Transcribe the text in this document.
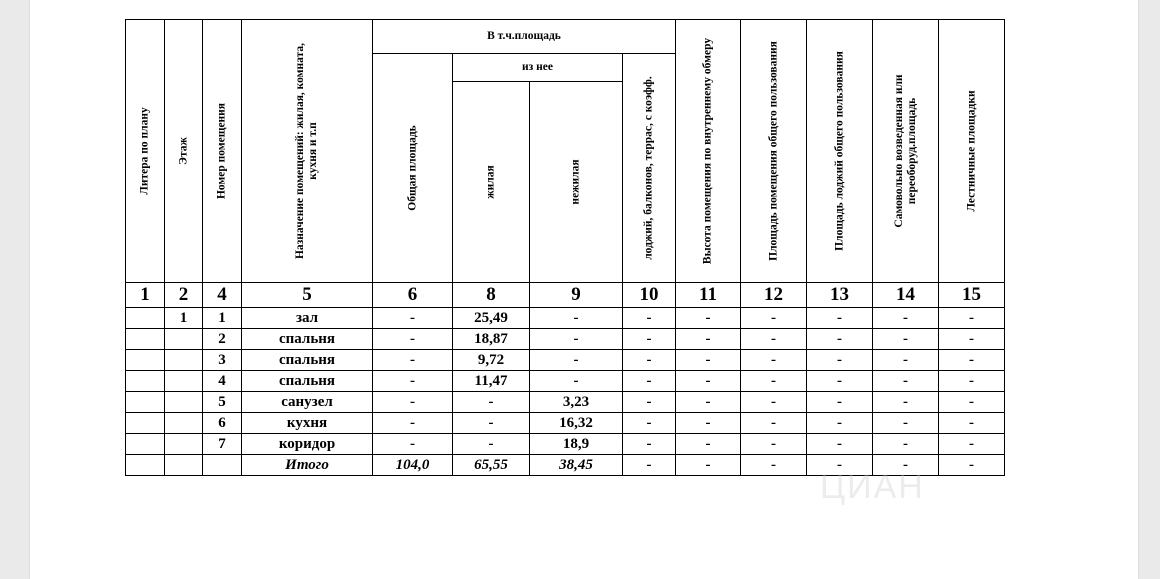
Литера по плану	Этаж	Номер помещения	Назначение помещений: жилая, комната, кухня и т.п	В т.ч.площадь				Высота помещения по внутреннему обмеру	Площадь помещения общего пользования	Площадь лоджий общего пользования	Самовольно возведенная или переоборуд.площадь	Лестничные площадки

				Общая площадь	из нее		лоджий, балконов, террас, с коэфф.					

					жилая	нежилая						

1	2	4	5	6	8	9	10	11	12	13	14	15
	1	1	зал	-	25,49	-	-	-	-	-	-	-
		2	спальня	-	18,87	-	-	-	-	-	-	-
		3	спальня	-	9,72	-	-	-	-	-	-	-
		4	спальня	-	11,47	-	-	-	-	-	-	-
		5	санузел	-	-	3,23	-	-	-	-	-	-
		6	кухня	-	-	16,32	-	-	-	-	-	-
		7	коридор	-	-	18,9	-	-	-	-	-	-
			Итого	104,0	65,55	38,45	-	-	-	-	-	-
ЦИАН
